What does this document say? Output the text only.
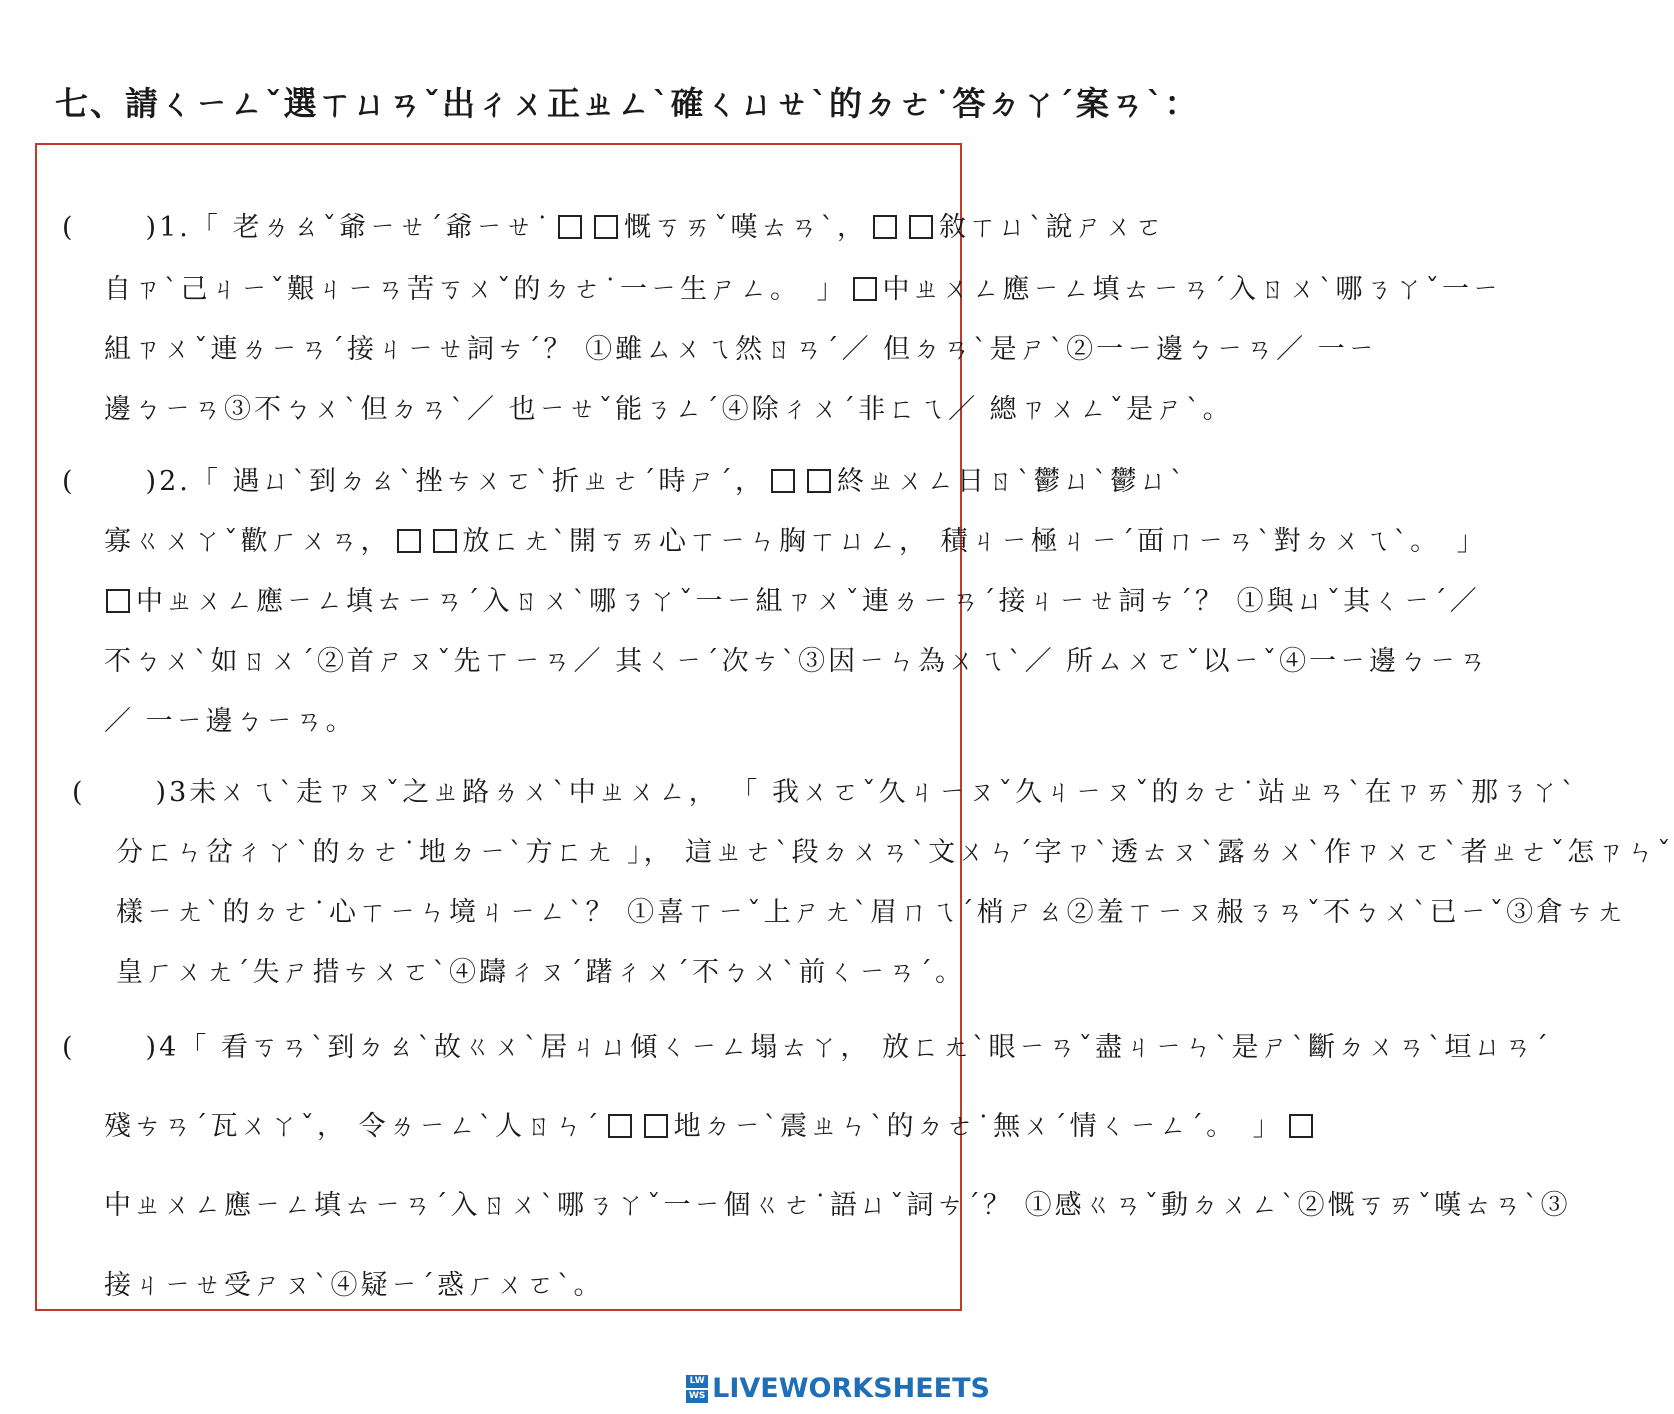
七、請ㄑㄧㄥˇ選ㄒㄩㄢˇ出ㄔㄨ正ㄓㄥˋ確ㄑㄩㄝˋ的ㄉㄜ˙答ㄉㄚˊ案ㄢˋ：
(	)1.「 老ㄌㄠˇ爺ㄧㄝˊ爺ㄧㄝ˙	慨ㄎㄞˇ嘆ㄊㄢˋ，	敘ㄒㄩˋ說ㄕㄨㄛ
自ㄗˋ己ㄐㄧˇ艱ㄐㄧㄢ苦ㄎㄨˇ的ㄉㄜ˙一ㄧ生ㄕㄥ。　」 中ㄓㄨㄥ應ㄧㄥ填ㄊㄧㄢˊ入ㄖㄨˋ哪ㄋㄚˇ一ㄧ
組ㄗㄨˇ連ㄌㄧㄢˊ接ㄐㄧㄝ詞ㄘˊ？ ①雖ㄙㄨㄟ然ㄖㄢˊ／ 但ㄉㄢˋ是ㄕˋ②一ㄧ邊ㄅㄧㄢ／ 一ㄧ
邊ㄅㄧㄢ③不ㄅㄨˋ但ㄉㄢˋ／ 也ㄧㄝˇ能ㄋㄥˊ④除ㄔㄨˊ非ㄈㄟ／ 總ㄗㄨㄥˇ是ㄕˋ。
(	)2.「 遇ㄩˋ到ㄉㄠˋ挫ㄘㄨㄛˋ折ㄓㄜˊ時ㄕˊ，	終ㄓㄨㄥ日ㄖˋ鬱ㄩˋ鬱ㄩˋ
寡ㄍㄨㄚˇ歡ㄏㄨㄢ，	放ㄈㄤˋ開ㄎㄞ心ㄒㄧㄣ胸ㄒㄩㄥ， 積ㄐㄧ極ㄐㄧˊ面ㄇㄧㄢˋ對ㄉㄨㄟˋ。　」
中ㄓㄨㄥ應ㄧㄥ填ㄊㄧㄢˊ入ㄖㄨˋ哪ㄋㄚˇ一ㄧ組ㄗㄨˇ連ㄌㄧㄢˊ接ㄐㄧㄝ詞ㄘˊ？ ①與ㄩˇ其ㄑㄧˊ／
不ㄅㄨˋ如ㄖㄨˊ②首ㄕㄡˇ先ㄒㄧㄢ／ 其ㄑㄧˊ次ㄘˋ③因ㄧㄣ為ㄨㄟˋ／ 所ㄙㄨㄛˇ以ㄧˇ④一ㄧ邊ㄅㄧㄢ
／ 一ㄧ邊ㄅㄧㄢ。
(	)3未ㄨㄟˋ走ㄗㄡˇ之ㄓ路ㄌㄨˋ中ㄓㄨㄥ， 「 我ㄨㄛˇ久ㄐㄧㄡˇ久ㄐㄧㄡˇ的ㄉㄜ˙站ㄓㄢˋ在ㄗㄞˋ那ㄋㄚˋ
分ㄈㄣ岔ㄔㄚˋ的ㄉㄜ˙地ㄉㄧˋ方ㄈㄤ 」， 這ㄓㄜˋ段ㄉㄨㄢˋ文ㄨㄣˊ字ㄗˋ透ㄊㄡˋ露ㄌㄨˋ作ㄗㄨㄛˋ者ㄓㄜˇ怎ㄗㄣˇ
樣ㄧㄤˋ的ㄉㄜ˙心ㄒㄧㄣ境ㄐㄧㄥˋ？ ①喜ㄒㄧˇ上ㄕㄤˋ眉ㄇㄟˊ梢ㄕㄠ②羞ㄒㄧㄡ赧ㄋㄢˇ不ㄅㄨˋ已ㄧˇ③倉ㄘㄤ
皇ㄏㄨㄤˊ失ㄕ措ㄘㄨㄛˋ④躊ㄔㄡˊ躇ㄔㄨˊ不ㄅㄨˋ前ㄑㄧㄢˊ。
(	)4「 看ㄎㄢˋ到ㄉㄠˋ故ㄍㄨˋ居ㄐㄩ傾ㄑㄧㄥ塌ㄊㄚ， 放ㄈㄤˋ眼ㄧㄢˇ盡ㄐㄧㄣˋ是ㄕˋ斷ㄉㄨㄢˋ垣ㄩㄢˊ
殘ㄘㄢˊ瓦ㄨㄚˇ， 令ㄌㄧㄥˋ人ㄖㄣˊ	地ㄉㄧˋ震ㄓㄣˋ的ㄉㄜ˙無ㄨˊ情ㄑㄧㄥˊ。　」
中ㄓㄨㄥ應ㄧㄥ填ㄊㄧㄢˊ入ㄖㄨˋ哪ㄋㄚˇ一ㄧ個ㄍㄜ˙語ㄩˇ詞ㄘˊ？ ①感ㄍㄢˇ動ㄉㄨㄥˋ②慨ㄎㄞˇ嘆ㄊㄢˋ③
接ㄐㄧㄝ受ㄕㄡˋ④疑ㄧˊ惑ㄏㄨㄛˋ。
LW
WS LIVEWORKSHEETS
